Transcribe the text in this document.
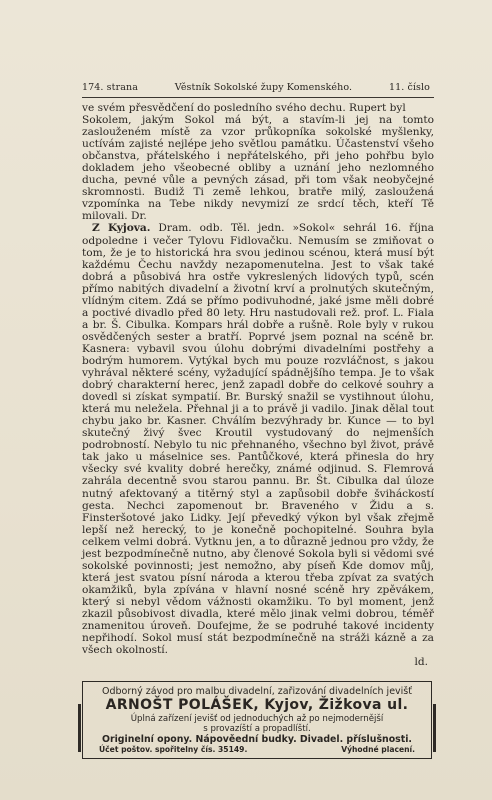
174. strana	Věstník Sokolské župy Komenského.	11. číslo

ve svém přesvědčení do posledního svého dechu. Rupert byl

Sokolem, jakým Sokol má být, a stavím-li jej na tomto zaslouženém místě za vzor průkopníka sokolské myšlenky, uctívám zajisté nejlépe jeho světlou památku. Účastenství všeho občanstva, přátelského i nepřátelského, při jeho pohřbu bylo dokladem jeho všeobecné obliby a uznání jeho nezlomného ducha, pevné vůle a pevných zásad, při tom však neobyčejné skromnosti. Budiž Ti země lehkou, bratře milý, zasloužená vzpomínka na Tebe nikdy nevymizí ze srdcí těch, kteří Tě milovali. Dr.

Z Kyjova. Dram. odb. Těl. jedn. »Sokol« sehrál 16. října odpoledne i večer Tylovu Fidlovačku. Nemusím se zmiňovat o tom, že je to historická hra svou jedinou scénou, která musí být každému Čechu navždy nezapomenutelna. Jest to však také dobrá a působivá hra ostře vykreslených lidových typů, scén přímo nabitých divadelní a životní krví a prolnutých skutečným, vlídným citem. Zdá se přímo podivuhodné, jaké jsme měli dobré a poctivé divadlo před 80 lety. Hru nastudovali rež. prof. L. Fiala a br. Š. Cibulka. Kompars hrál dobře a rušně. Role byly v rukou osvědčených sester a bratří. Poprvé jsem poznal na scéně br. Kasnera: vybavil svou úlohu dobrými divadelními postřehy a bodrým humorem. Vytýkal bych mu pouze rozvláčnost, s jakou vyhrával některé scény, vyžadující spádnějšího tempa. Je to však dobrý charakterní herec, jenž zapadl dobře do celkové souhry a dovedl si získat sympatií. Br. Burský snažil se vystihnout úlohu, která mu neležela. Přehnal ji a to právě ji vadilo. Jinak dělal tout chybu jako br. Kasner. Chválím bezvýhrady br. Kunce — to byl skutečný živý švec Kroutil vystudovaný do nejmenších podrobností. Nebylo tu nic přehnaného, všechno byl život, právě tak jako u máselnice ses. Pantůčkové, která přinesla do hry všecky své kvality dobré herečky, známé odjinud. S. Flemrová zahrála decentně svou starou pannu. Br. Št. Cibulka dal úloze nutný afektovaný a titěrný styl a zapůsobil dobře šviháckostí gesta. Nechci zapomenout br. Braveného v Židu a s. Finsteršotové jako Lidky. Její převedký výkon byl však zřejmě lepší než herecký, to je konečně pochopitelné. Souhra byla celkem velmi dobrá. Vytknu jen, a to důrazně jednou pro vždy, že jest bezpodmínečně nutno, aby členové Sokola byli si vědomi své sokolské povinnosti; jest nemožno, aby píseň Kde domov můj, která jest svatou písní národa a kterou třeba zpívat za svatých okamžiků, byla zpívána v hlavní nosné scéně hry zpěvákem, který si nebyl vědom vážnosti okamžiku. To byl moment, jenž zkazil působivost divadla, které mělo jinak velmi dobrou, téměř znamenitou úroveň. Doufejme, že se podruhé takové incidenty nepřihodí. Sokol musí stát bezpodmínečně na stráži kázně a za všech okolností.

ld.
Odborný závod pro malbu divadelní, zařizování divadelních jevišť
ARNOŠT POLÁŠEK, Kyjov, Žižkova ul.
Úplná zařízení jevišť od jednoduchých až po nejmodernější
s provazíští a propadlíští.
Originelní opony. Nápověední budky. Divadel. příslušnosti.
Účet poštov. spořitelny čís. 35149.	Výhodné placení.
